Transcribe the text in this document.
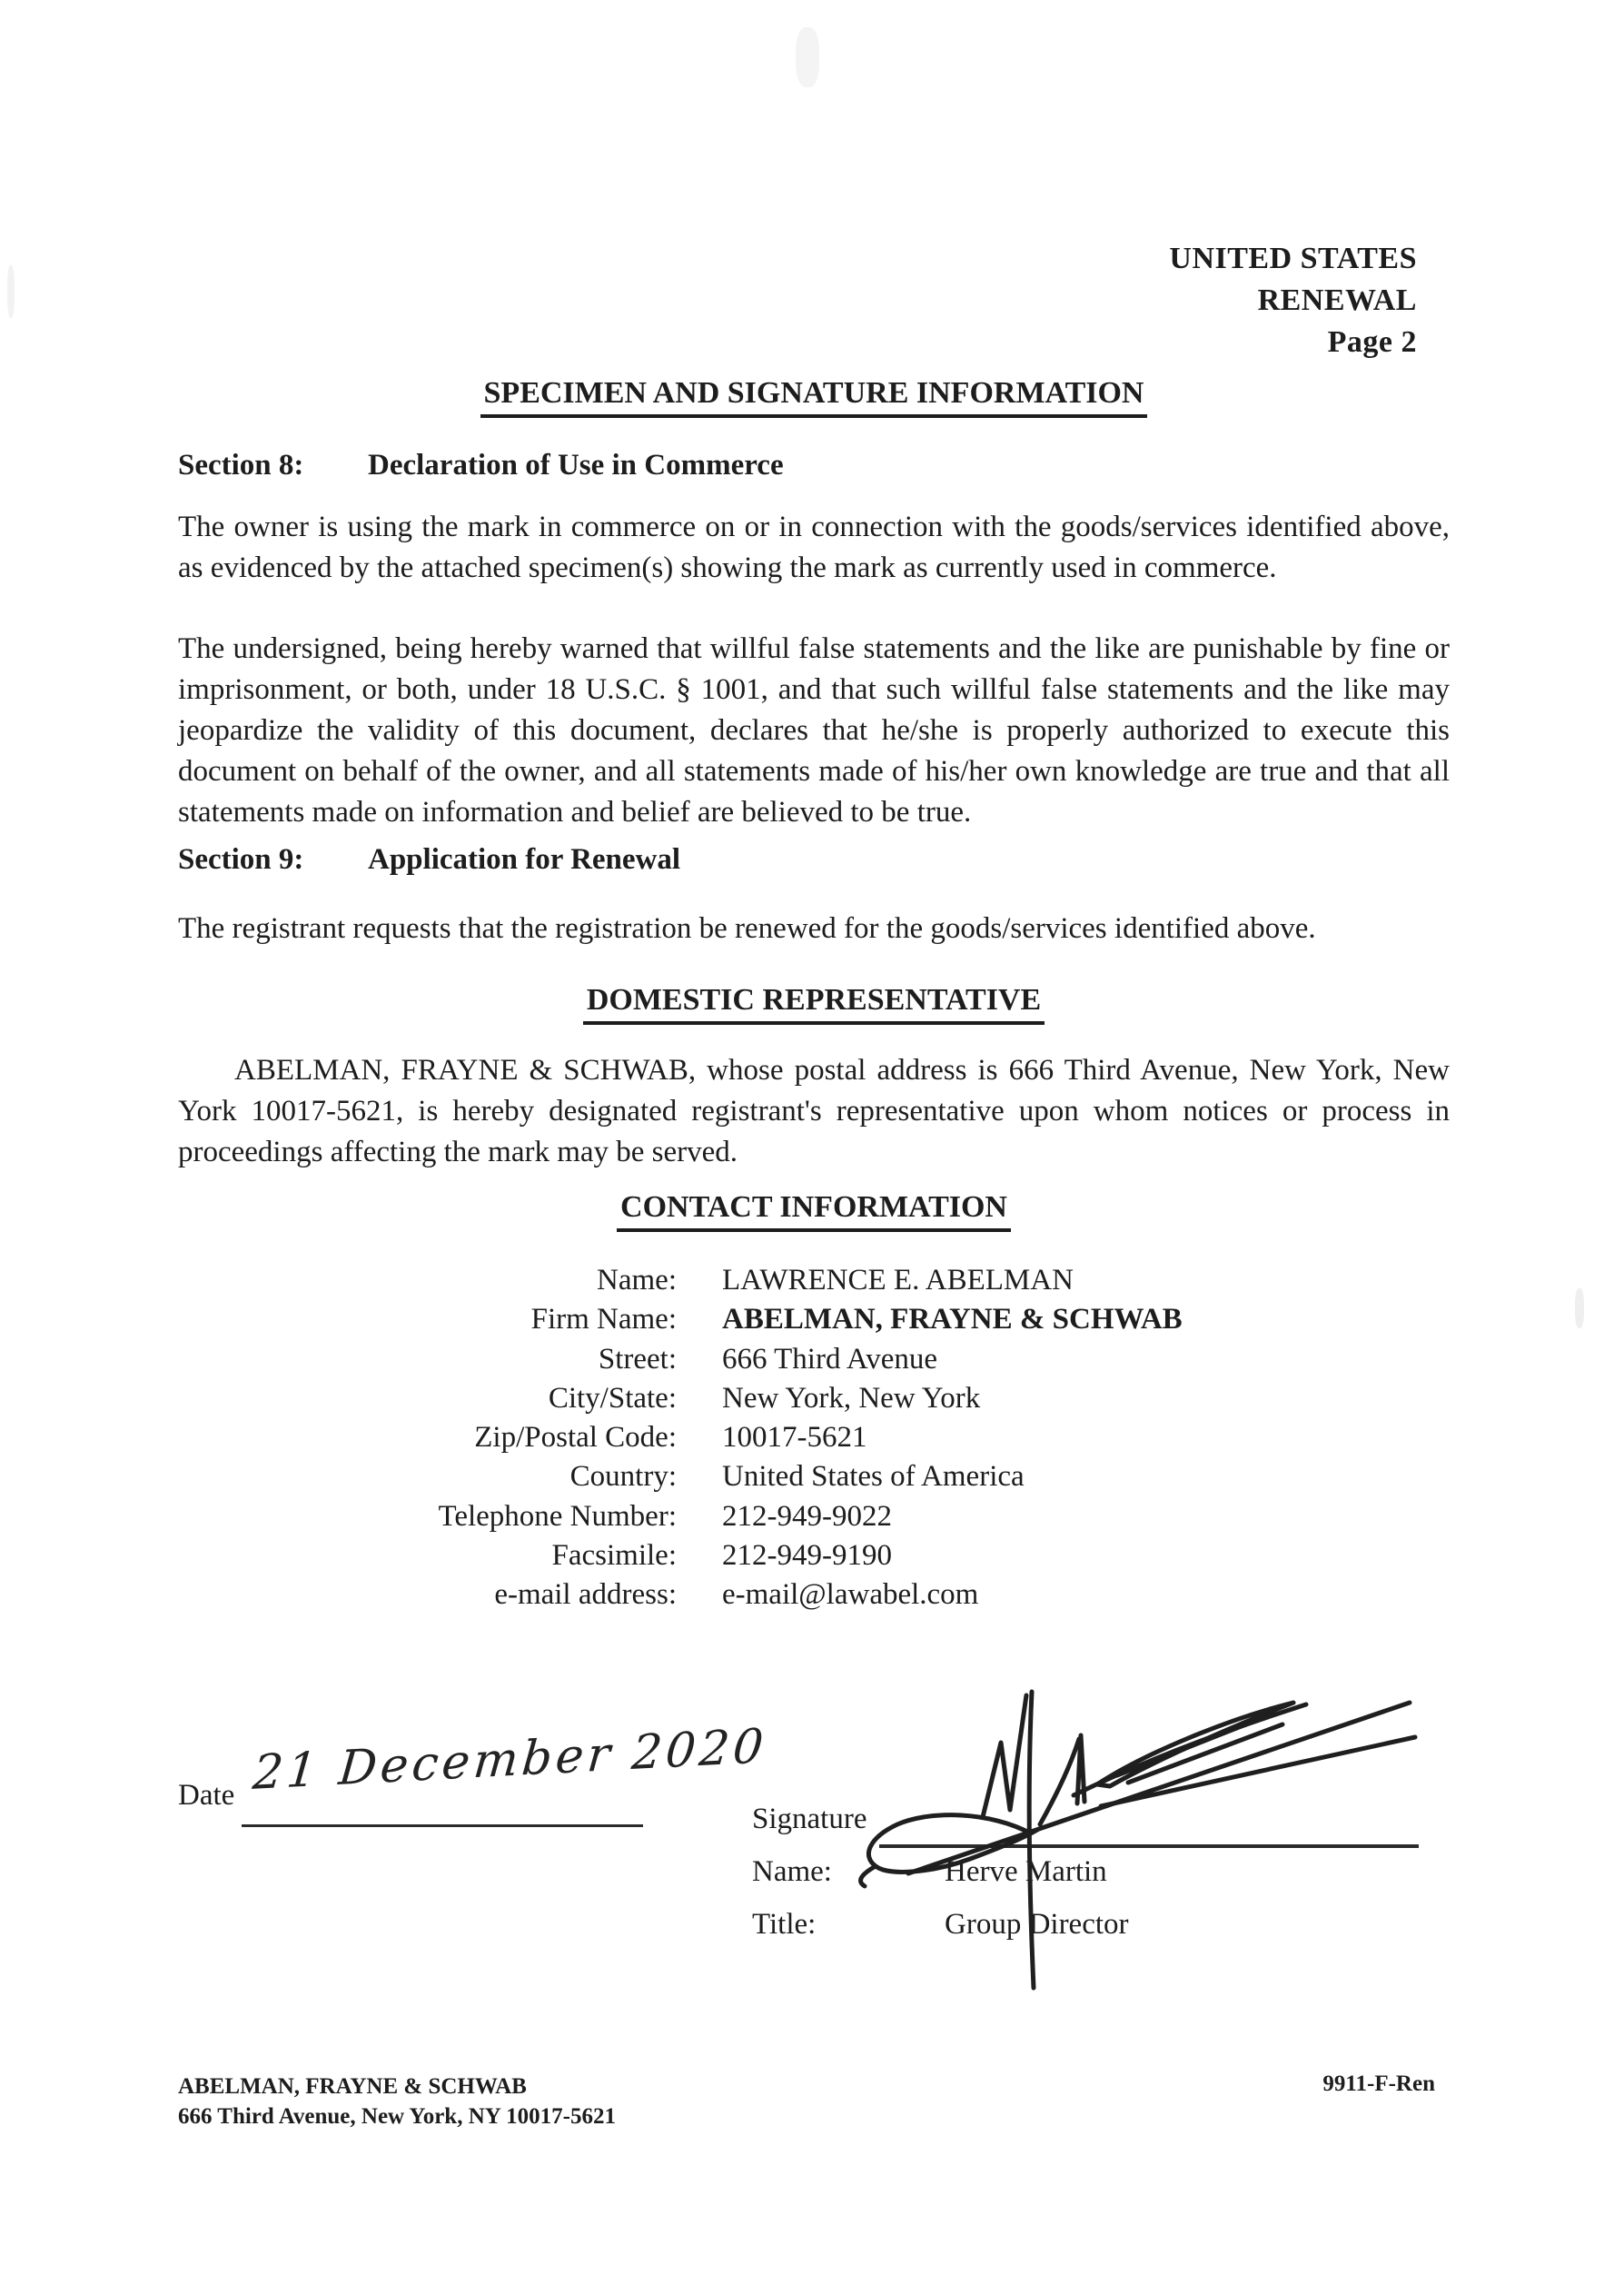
UNITED STATES
RENEWAL
Page 2
SPECIMEN AND SIGNATURE INFORMATION
Section 8:	Declaration of Use in Commerce
The owner is using the mark in commerce on or in connection with the goods/services identified above, as evidenced by the attached specimen(s) showing the mark as currently used in commerce.
The undersigned, being hereby warned that willful false statements and the like are punishable by fine or imprisonment, or both, under 18 U.S.C. § 1001, and that such willful false statements and the like may jeopardize the validity of this document, declares that he/she is properly authorized to execute this document on behalf of the owner, and all statements made of his/her own knowledge are true and that all statements made on information and belief are believed to be true.
Section 9:	Application for Renewal
The registrant requests that the registration be renewed for the goods/services identified above.
DOMESTIC REPRESENTATIVE
ABELMAN, FRAYNE & SCHWAB, whose postal address is 666 Third Avenue, New York, New York 10017-5621, is hereby designated registrant's representative upon whom notices or process in proceedings affecting the mark may be served.
CONTACT INFORMATION
Name: LAWRENCE E. ABELMAN
Firm Name: ABELMAN, FRAYNE & SCHWAB
Street: 666 Third Avenue
City/State: New York, New York
Zip/Postal Code: 10017-5621
Country: United States of America
Telephone Number: 212-949-9022
Facsimile: 212-949-9190
e-mail address: e-mail@lawabel.com
Date 21 December 2020
Signature
Name:	Herve Martin
Title:	Group Director
ABELMAN, FRAYNE & SCHWAB
666 Third Avenue, New York, NY 10017-5621
9911-F-Ren
